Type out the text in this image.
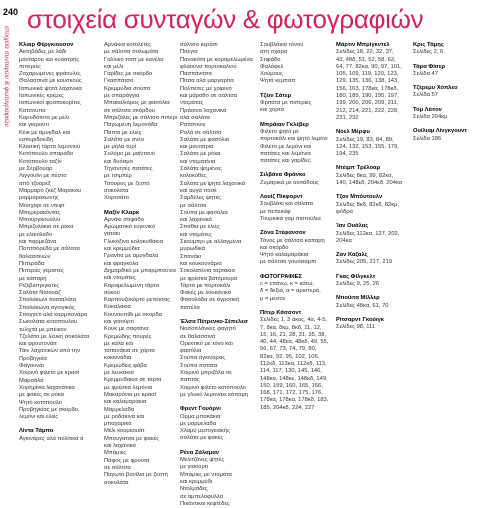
240
στοιχεία συνταγών & φωτογραφιών
στοιχεία συνταγών & φωτογραφιών
Κλαιρ Φέργκιουσον
Ακτηβάδες με λάδι
μάνταρου και κυαστρής
πιπεριές
Ζαχαρωμένες φράουλες
Θαλασσινά με κουσκούς
Ιαπωνικά ψητά λαχανικά
Ιαπωνικές κρέμες
Ιαπωνικοί φραπεκορίτες
Κατσούπα
Καρυδόπιτα με μέλι
και γιαρούτι
Κέικ με αμυγδαλ και
εσπεριδοειδή
Κλασική τάρτα λεμονιού
Κοτόπουλο σπαράδο
Κοτόπουλο ταζίν
με Σέρβουαρ
Λιγγουίνι με πέστο
από τζοαρέξ
Μαρμαρο ζκέζ Μαρόκου
μαρμαρακώνης
Μοσχαρι σε ντεφτ
Μπεμερακόντας
Μπουργκουαλλι
Μπριζολάκια σε ρόκα
με ελαιόλαδο
και παρμεζάνα
Ποπτσόρεδα με σάλτσα
θαλασσινών
Πιπεράδα
Πιπεριές γεμιστές
με κάπαρη
Ριζεβιστριγκιτες
Σαλάτα Νισουάζ
Σπαλάκωνι τοιαταλάτα
Σπαλάκωνα αγιογικός
Σπαγγέτι αλά καρμπονάρα
Σωκολάτα κοτοπουλου
τυλιχτά με μπέικον
Τζελάτο με λευκή σοκολάτα
και φρουτονάιτ
Τάιν λαχανικών από την
Προβηγκία
Φαγουνάι
Χοιρινό φιλέτο με κρασί
Μαρσάλα
Χορηρίνια λαχανάτικα
με φακές σε ρόκα
Ψητό κοτοπουλο
Προβηγκίας με σκόρδο,
λεμόνι και ελιές
Λίντα Τάμπο
Αγκινάρες αλά πολίτικα ά
Αρνάκια κοτολέτες
με σάλτσα σολωμάτα
Γαλλικό τοστ με κανέλα
και μέλι
Γαρίδες με σκόρδο
Γκασπάτσο
Κρεμμύδια σούπα
με σπαράγγια
Μπακαλιάρος με φασόλια
σε σάλτσα σκόρδου
Μπριζόλες με σάλτσα πιπέρι
Παγωμένη λεμονάδα
Παπια με ελιές
Σαλάτα με σνέο
με μήλα τυρί
Σολόμο με μαϊντανό
και δυόσμο
Τηγανητές πατάτες
με τσιμπέρ
Τσουρος με ζεστό
σοκολάτα
Χορτσάτο
Μαξίν Κλαρκ
Αρνάκι στιφάδο
Αρωματικό ευγενικό
γατάκι
Γλυκόξινο κολοκυθάκια
και κρεμμύδια
Γρανίτα με αμυγδαλα
και φραγκόλα
Δημαρδικό με μπαρμπούνια
και ντομάτες
Καραμελωμένη τάρτα
αύκου
Καρπουζοκόρτο ρεπέκτας
Κοκαλάκια
Κουνουπίδι με σκορδα
και γιαούρτι
Κουκ με σαφτάνα
Κρεμώδης πουρές
με κάλα και
τσιτανάκια σε χόρτα
κοκκινάδια
Κρεμώδεις φάβα
με λευκάκια
Κρεμμυδακια σε τάρτα
με φρέσκα λεμόνια
Μακαρόνια με κρασί
και καλαμαράκια
Μαρμελάδα
με ροδάκινα και
μπαχαρικά
Μέλι κουμκουάτ
Μπουγατσα με φακές
και λαχανικά
Μπάμιες
Πάφος με φρούτα
σε σάλτσα
Παγωτό βανίλια με ζεστή
σοκολάτα
σάλτσα κεράσι
Παέγια
Πανακότα με καραμελωμένα
φλαούνα πορτοκαλιού
Πασπάνιτσα
Πίτσα αλά μαργαρίτα
Πολπέτες με χοιρινό
και μάραθο σε σάλτσα
ντομάτας
Πράσινα λαχανικά
αλά σαλάτα
Ρατατούιγ
Ρολά σε σάλτσα
Σαλάτα με φασόλια
και μανιτάρια
Σαλάτα με ροκα
και ντοματίνια
Σαλάτα ψημένες
κολοκύθες
Σαλάτα με ψητά λαχανικά
και αυγά ποσέ
Σαρδέλες ψητές
με σάλτσα
Σούπα με φασόλια
και λαχανικά
Σπάθια με ελιές
και ντομάτες
Σκουμπρι με αλλαγμένα
μυρωδικά
Σπανάκι
και κουκουνάρια
Σοκολατένια ταρτάκια
με φρέσκα βατόμουρα
Τάρτα με πορτοκάλι
Φακές με λουκάνικο
Φασολάδα σε αγροτική
πιατέλα
Έλσα Πέτρενκο-Σέπελεσ
Νοσοπλάνκες φαγητό
σε θαλασσινά
Ορεκτικό με τόνο και
φασόλια
Σούπα αγκινάρας
Σούπα πατατα
Χοιρινό μπριζόλα σε
παπτάς
Χοιρινό φιλέτο κοτόπουλο
με γλυκό λεμονάκι κάπαρη
Φρεντ Γουόρνι
Ορμα μπακάκια
με μαρμελάδα
Χλαμύ μεσογειακής
σαλάτα με φακές
Ρένα Ζάλαμαν
Μελιτζάνες ψητές
με γιαούρτι
Μπάμιες με ντομάτα
και κρεμμύδι
Ντολμάδες
σε αμπελόφυλλα
Πικάντικοι κεφτέδες
Σουβλάκια τόνου
στη σχάρα
Στιφάδο
Φαλάφελ
Χούμους
Ψητά κεμπάπ
Τζέιν Σάτερ
Φριτάτα με πιπεριές
και χορτά
Μπράιαν Γκλέβερ
Φιλέτο ψητό με
πορτοκάλι και ψητό λεμόνι
Φιλέτο με λεμόνι και
πατάτες και λεμόνια
πατάτες και γαρίδες
Σιλβάνα Φράνκο
Ζυμαρικά με ανιτάδους
Λουίζ Πίκφορντ
Σουβλάκι και σαλάτα
με πεπεκάφ
Τουρκικά γαμ πιστούλια
Ζόνα Στέφανσον
Τόνος με σάλτσα καπαρη
και σκόρδο
Ψητό καλαμαράκια
με σάλτσα γουάσαμπι
ΦΩΤΟΓΡΑΦΙΕΣ
c = επάνω, κ = κάτω,
δ = δεξιά, α = αριστερά,
μ = μέσον
Πίτερ Κάσσοντ
Σελίδες 1, 3 άκος, 4α, 4-5,
7, 8κα, 8κμ, 8κδ, 11, 12,
15, 16, 21, 28, 31, 35, 38,
40, 44, 48εα, 48κδ, 49, 55,
56, 67, 73, 74, 79, 80,
82κα, 92, 95, 102, 106,
112κδ, 113κα, 112κδ, 113,
114, 117, 130, 145, 146,
148κα, 148κε, 148κδ, 149,
150, 159, 160, 165, 166,
168, 171, 172, 175, 176,
178κα, 178κα, 178κδ, 183,
185, 204κδ, 224, 227
Μάρτιν Μπρίγκντελ
Σελίδες 18, 22, 32, 37,
43, 48δ, 51, 52, 58, 63,
64, 77, 82κα, 90, 97, 101,
105, 109, 119, 120, 123,
129, 135, 136, 138, 143,
156, 163, 178κα, 178κδ,
180, 189, 190, 195, 197,
199, 200, 206, 209, 211,
212, 214, 221, 222, 228,
231, 232
Νόελ Μέρφυ
Σελίδες 19, 83, 84, 89,
124, 132, 153, 155, 179,
194, 235
Ντέιμπ Τρέλοαρ
Σελίδες 8κα, 99, 82κα,
140, 148εδ, 204εδ, 204κα
Τζον Μπόυτουλν
Σελίδες 8κδ, 82κδ, 82κμ,
φόδρα
Ίαν Ουάλας
Σελίδες 112κα, 127, 202,
204κα
Ζαν Καζαλς
Σελίδες 205, 217, 219
Γκας Φίλγκελτ
Σελίδες 9, 25, 26
Ντιούιτα Μίλλερ
Σελίδες 48κα, 61, 70
Ρίτσαρντ Γκούιγκ
Σελίδες 98, 111
Κρις Τάμης
Σελίδες 2, 6
Τάρα Φίσερ
Σελίδα 47
Τζέρεμυ Χόπλευ
Σελίδα 57
Τομ Λέιτον
Σελίδα 204κμ
Ουίλιαμ Λίνγκγουντ
Σελίδα 186
